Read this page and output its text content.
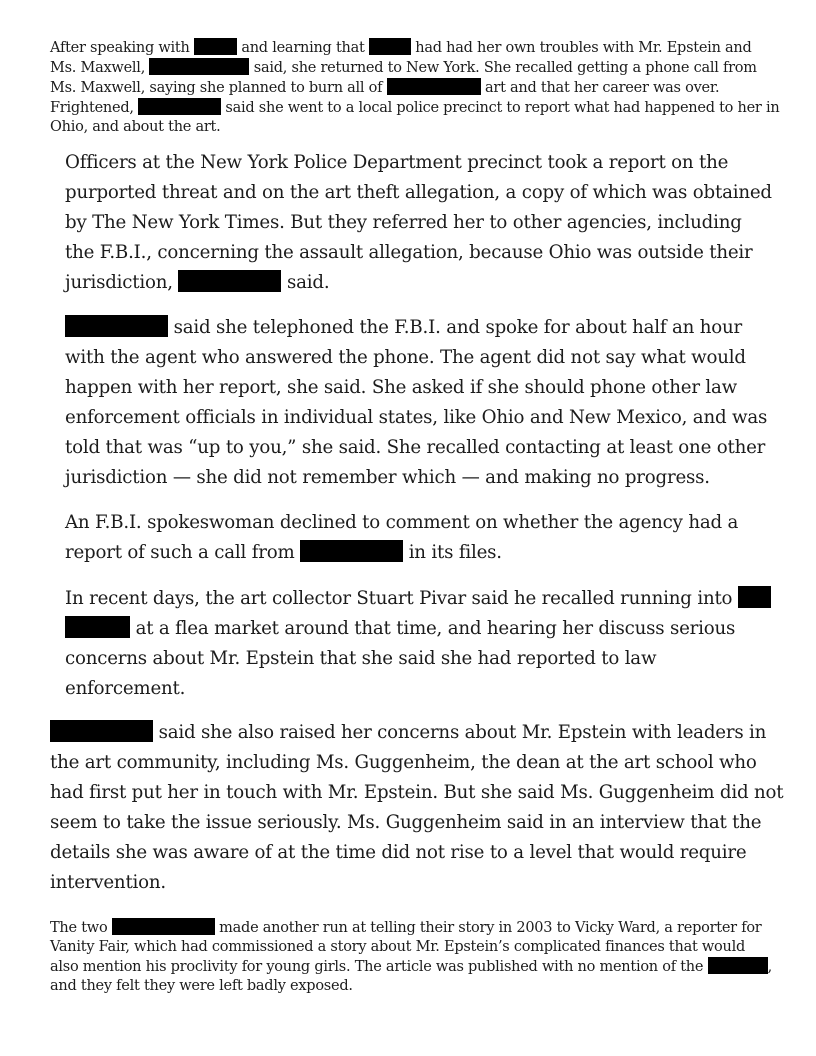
After speaking with	and learning that	had had her own troubles with Mr. Epstein and
Ms. Maxwell,	said, she returned to New York. She recalled getting a phone call from
Ms. Maxwell, saying she planned to burn all of	art and that her career was over.
Frightened,	said she went to a local police precinct to report what had happened to her in
Ohio, and about the art.
Officers at the New York Police Department precinct took a report on the
purported threat and on the art theft allegation, a copy of which was obtained
by The New York Times. But they referred her to other agencies, including
the F.B.I., concerning the assault allegation, because Ohio was outside their
jurisdiction,	said.
said she telephoned the F.B.I. and spoke for about half an hour
with the agent who answered the phone. The agent did not say what would
happen with her report, she said. She asked if she should phone other law
enforcement officials in individual states, like Ohio and New Mexico, and was
told that was “up to you,” she said. She recalled contacting at least one other
jurisdiction — she did not remember which — and making no progress.
An F.B.I. spokeswoman declined to comment on whether the agency had a
report of such a call from	in its files.
In recent days, the art collector Stuart Pivar said he recalled running into
at a flea market around that time, and hearing her discuss serious
concerns about Mr. Epstein that she said she had reported to law
enforcement.
said she also raised her concerns about Mr. Epstein with leaders in
the art community, including Ms. Guggenheim, the dean at the art school who
had first put her in touch with Mr. Epstein. But she said Ms. Guggenheim did not
seem to take the issue seriously. Ms. Guggenheim said in an interview that the
details she was aware of at the time did not rise to a level that would require
intervention.
The two	made another run at telling their story in 2003 to Vicky Ward, a reporter for
Vanity Fair, which had commissioned a story about Mr. Epstein’s complicated finances that would
also mention his proclivity for young girls. The article was published with no mention of the	,
and they felt they were left badly exposed.
